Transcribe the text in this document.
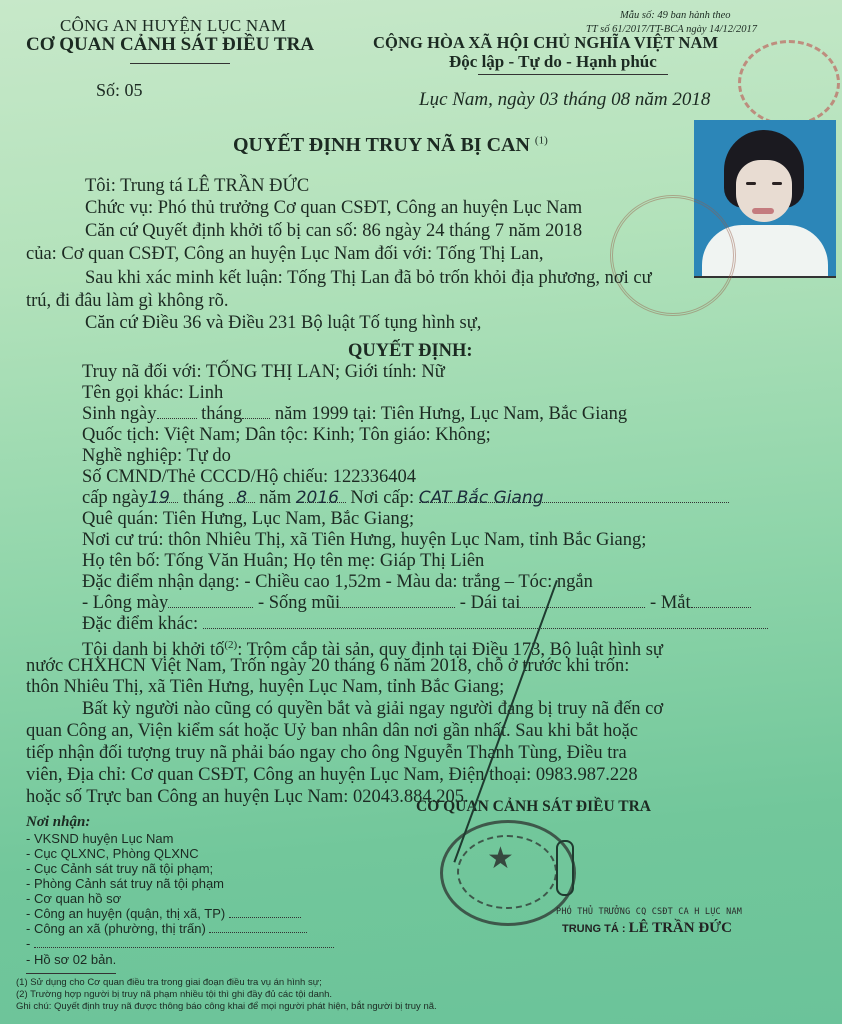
CÔNG AN HUYỆN LỤC NAM
CƠ QUAN CẢNH SÁT ĐIỀU TRA
Số: 05
Mẫu số: 49 ban hành theo
TT số 61/2017/TT-BCA ngày 14/12/2017
CỘNG HÒA XÃ HỘI CHỦ NGHĨA VIỆT NAM
Độc lập - Tự do - Hạnh phúc
Lục Nam, ngày 03 tháng 08 năm 2018
QUYẾT ĐỊNH TRUY NÃ BỊ CAN $^{(1)}$
Tôi: Trung tá LÊ TRẦN ĐỨC
Chức vụ: Phó thủ trưởng Cơ quan CSĐT, Công an huyện Lục Nam
Căn cứ Quyết định khởi tố bị can số: 86 ngày 24 tháng 7 năm 2018
của: Cơ quan CSĐT, Công an huyện Lục Nam đối với: Tống Thị Lan,
Sau khi xác minh kết luận: Tống Thị Lan đã bỏ trốn khỏi địa phương, nơi cư
trú, đi đâu làm gì không rõ.
Căn cứ Điều 36 và Điều 231 Bộ luật Tố tụng hình sự,
QUYẾT ĐỊNH:
Truy nã đối với: TỐNG THỊ LAN; Giới tính: Nữ
Tên gọi khác: Linh
Sinh ngày tháng năm 1999 tại: Tiên Hưng, Lục Nam, Bắc Giang
Quốc tịch: Việt Nam; Dân tộc: Kinh; Tôn giáo: Không;
Nghề nghiệp: Tự do
Số CMND/Thẻ CCCD/Hộ chiếu: 122336404
cấp ngày19 tháng 8 năm 2016 Nơi cấp: CAT Bắc Giang
Quê quán: Tiên Hưng, Lục Nam, Bắc Giang;
Nơi cư trú: thôn Nhiêu Thị, xã Tiên Hưng, huyện Lục Nam, tỉnh Bắc Giang;
Họ tên bố: Tống Văn Huân; Họ tên mẹ: Giáp Thị Liên
Đặc điểm nhận dạng: - Chiều cao 1,52m - Màu da: trắng – Tóc: ngắn
- Lông mày	- Sống mũi	- Dái tai	- Mắt
Đặc điểm khác:
Tội danh bị khởi tố$^{(2)}$: Trộm cắp tài sản, quy định tại Điều 173, Bộ luật hình sự
nước CHXHCN Việt Nam, Trốn ngày 20 tháng 6 năm 2018, chỗ ở trước khi trốn:
thôn Nhiêu Thị, xã Tiên Hưng, huyện Lục Nam, tỉnh Bắc Giang;
Bất kỳ người nào cũng có quyền bắt và giải ngay người đang bị truy nã đến cơ
quan Công an, Viện kiểm sát hoặc Uỷ ban nhân dân nơi gần nhất. Sau khi bắt hoặc
tiếp nhận đối tượng truy nã phải báo ngay cho ông Nguyễn Thanh Tùng, Điều tra
viên, Địa chỉ: Cơ quan CSĐT, Công an huyện Lục Nam, Điện thoại: 0983.987.228
hoặc số Trực ban Công an huyện Lục Nam: 02043.884.205.
Nơi nhận:
- VKSND huyện Lục Nam
- Cục QLXNC, Phòng QLXNC
- Cục Cảnh sát truy nã tội phạm;
- Phòng Cảnh sát truy nã tội phạm
- Cơ quan hồ sơ
- Công an huyện (quận, thị xã, TP)
- Công an xã (phường, thị trấn)
-
- Hồ sơ 02 bản.
CƠ QUAN CẢNH SÁT ĐIỀU TRA
★
PHÓ THỦ TRƯỞNG CQ CSĐT CA H LỤC NAM
TRUNG TÁ : LÊ TRẦN ĐỨC
(1) Sử dụng cho Cơ quan điều tra trong giai đoạn điều tra vụ án hình sự;
(2) Trường hợp người bị truy nã phạm nhiều tội thì ghi đầy đủ các tội danh.
Ghi chú: Quyết định truy nã được thông báo công khai để mọi người phát hiện, bắt người bị truy nã.
